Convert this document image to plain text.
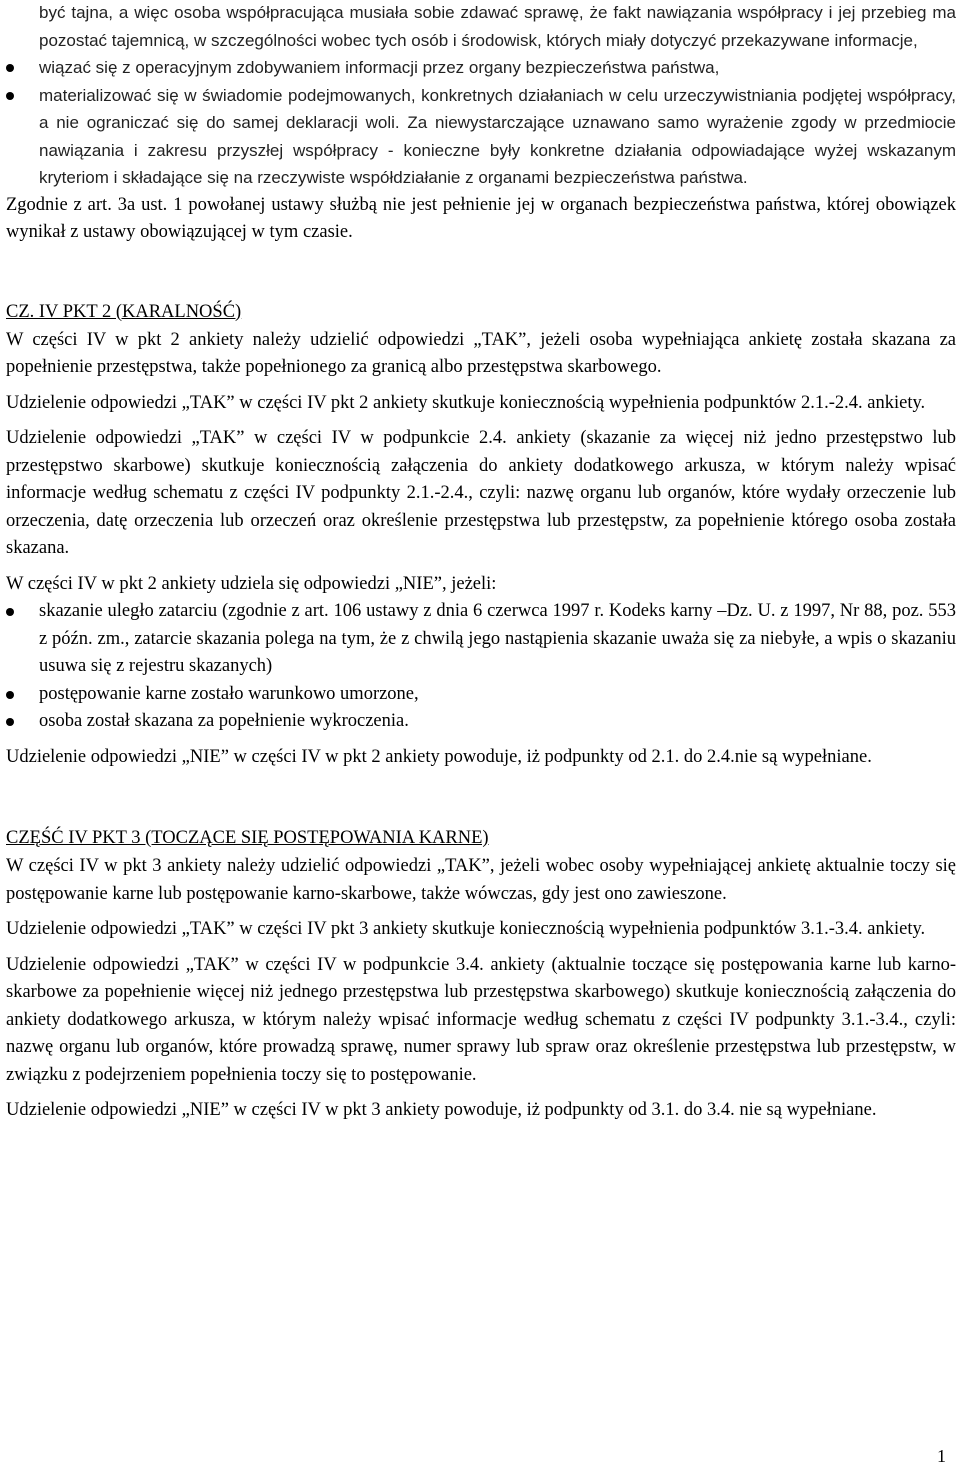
być tajna, a więc osoba współpracująca musiała sobie zdawać sprawę, że fakt nawiązania współpracy i jej przebieg ma pozostać tajemnicą, w szczególności wobec tych osób i środowisk, których miały dotyczyć przekazywane informacje,
wiązać się z operacyjnym zdobywaniem informacji przez organy bezpieczeństwa państwa,
materializować się w świadomie podejmowanych, konkretnych działaniach w celu urzeczywistniania podjętej współpracy, a nie ograniczać się do samej deklaracji woli. Za niewystarczające uznawano samo wyrażenie zgody w przedmiocie nawiązania i zakresu przyszłej współpracy - konieczne były konkretne działania odpowiadające wyżej wskazanym kryteriom i składające się na rzeczywiste współdziałanie z organami bezpieczeństwa państwa.

Zgodnie z art. 3a ust. 1 powołanej ustawy służbą nie jest pełnienie jej w organach bezpieczeństwa państwa, której obowiązek wynikał z ustawy obowiązującej w tym czasie.

CZ. IV PKT 2 (KARALNOŚĆ)

W części IV w pkt 2 ankiety należy udzielić odpowiedzi „TAK”, jeżeli osoba wypełniająca ankietę została skazana za popełnienie przestępstwa, także popełnionego za granicą albo przestępstwa skarbowego.

Udzielenie odpowiedzi „TAK” w części IV pkt 2 ankiety skutkuje koniecznością wypełnienia podpunktów 2.1.-2.4. ankiety.

Udzielenie odpowiedzi „TAK” w części IV w podpunkcie 2.4. ankiety (skazanie za więcej niż jedno przestępstwo lub przestępstwo skarbowe) skutkuje koniecznością załączenia do ankiety dodatkowego arkusza, w którym należy wpisać informacje według schematu z części IV podpunkty 2.1.-2.4., czyli: nazwę organu lub organów, które wydały orzeczenie lub orzeczenia, datę orzeczenia lub orzeczeń oraz określenie przestępstwa lub przestępstw, za popełnienie którego osoba została skazana.

W części IV w pkt 2 ankiety udziela się odpowiedzi „NIE”, jeżeli:

skazanie uległo zatarciu (zgodnie z art. 106 ustawy z dnia 6 czerwca 1997 r. Kodeks karny –Dz. U. z 1997, Nr 88, poz. 553 z późn. zm., zatarcie skazania polega na tym, że z chwilą jego nastąpienia skazanie uważa się za niebyłe, a wpis o skazaniu usuwa się z rejestru skazanych)
postępowanie karne zostało warunkowo umorzone,
osoba został skazana za popełnienie wykroczenia.

Udzielenie odpowiedzi „NIE” w części IV w pkt 2 ankiety powoduje, iż podpunkty od 2.1. do 2.4.nie są wypełniane.

CZĘŚĆ IV PKT 3 (TOCZĄCE SIĘ POSTĘPOWANIA KARNE)

W części IV w pkt 3 ankiety należy udzielić odpowiedzi „TAK”, jeżeli wobec osoby wypełniającej ankietę aktualnie toczy się postępowanie karne lub postępowanie karno-skarbowe, także wówczas, gdy jest ono zawieszone.

Udzielenie odpowiedzi „TAK” w części IV pkt 3 ankiety skutkuje koniecznością wypełnienia podpunktów 3.1.-3.4. ankiety.

Udzielenie odpowiedzi „TAK” w części IV w podpunkcie 3.4. ankiety (aktualnie toczące się postępowania karne lub karno-skarbowe za popełnienie więcej niż jednego przestępstwa lub przestępstwa skarbowego) skutkuje koniecznością załączenia do ankiety dodatkowego arkusza, w którym należy wpisać informacje według schematu z części IV podpunkty 3.1.-3.4., czyli: nazwę organu lub organów, które prowadzą sprawę, numer sprawy lub spraw oraz określenie przestępstwa lub przestępstw, w związku z podejrzeniem popełnienia toczy się to postępowanie.

Udzielenie odpowiedzi „NIE” w części IV w pkt 3 ankiety powoduje, iż podpunkty od 3.1. do 3.4. nie są wypełniane.

1
